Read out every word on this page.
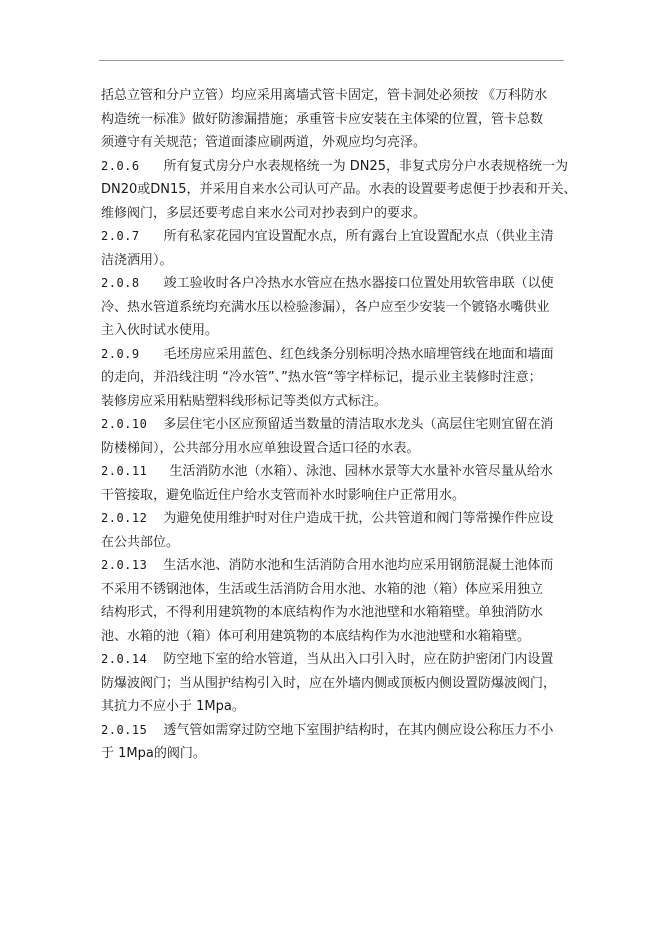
括总立管和分户立管）均应采用离墙式管卡固定，管卡洞处必须按 《万科防水
构造统一标准》做好防渗漏措施；承重管卡应安装在主体梁的位置，管卡总数
须遵守有关规范；管道面漆应刷两道，外观应均匀亮泽。
2.0.6 所有复式房分户水表规格统一为 DN25，非复式房分户水表规格统一为
DN20或DN15，并采用自来水公司认可产品。水表的设置要考虑便于抄表和开关、
维修阀门，多层还要考虑自来水公司对抄表到户的要求。
2.0.7 所有私家花园内宜设置配水点，所有露台上宜设置配水点（供业主清
洁浇洒用）。
2.0.8 竣工验收时各户冷热水水管应在热水器接口位置处用软管串联（以使
冷、热水管道系统均充满水压以检验渗漏），各户应至少安装一个镀铬水嘴供业
主入伙时试水使用。
2.0.9 毛坯房应采用蓝色、红色线条分别标明冷热水暗埋管线在地面和墙面
的走向，并沿线注明 “冷水管”、”热水管“等字样标记，提示业主装修时注意；
装修房应采用粘贴塑料线形标记等类似方式标注。
2.0.10 多层住宅小区应预留适当数量的清洁取水龙头（高层住宅则宜留在消
防楼梯间），公共部分用水应单独设置合适口径的水表。
2.0.11 生活消防水池（水箱）、泳池、园林水景等大水量补水管尽量从给水
干管接取，避免临近住户给水支管而补水时影响住户正常用水。
2.0.12 为避免使用维护时对住户造成干扰，公共管道和阀门等常操作件应设
在公共部位。
2.0.13 生活水池、消防水池和生活消防合用水池均应采用钢筋混凝土池体而
不采用不锈钢池体，生活或生活消防合用水池、水箱的池（箱）体应采用独立
结构形式，不得利用建筑物的本底结构作为水池池壁和水箱箱壁。单独消防水
池、水箱的池（箱）体可利用建筑物的本底结构作为水池池壁和水箱箱壁。
2.0.14 防空地下室的给水管道，当从出入口引入时，应在防护密闭门内设置
防爆波阀门；当从围护结构引入时，应在外墙内侧或顶板内侧设置防爆波阀门，
其抗力不应小于 1Mpa。
2.0.15 透气管如需穿过防空地下室围护结构时，在其内侧应设公称压力不小
于 1Mpa的阀门。
